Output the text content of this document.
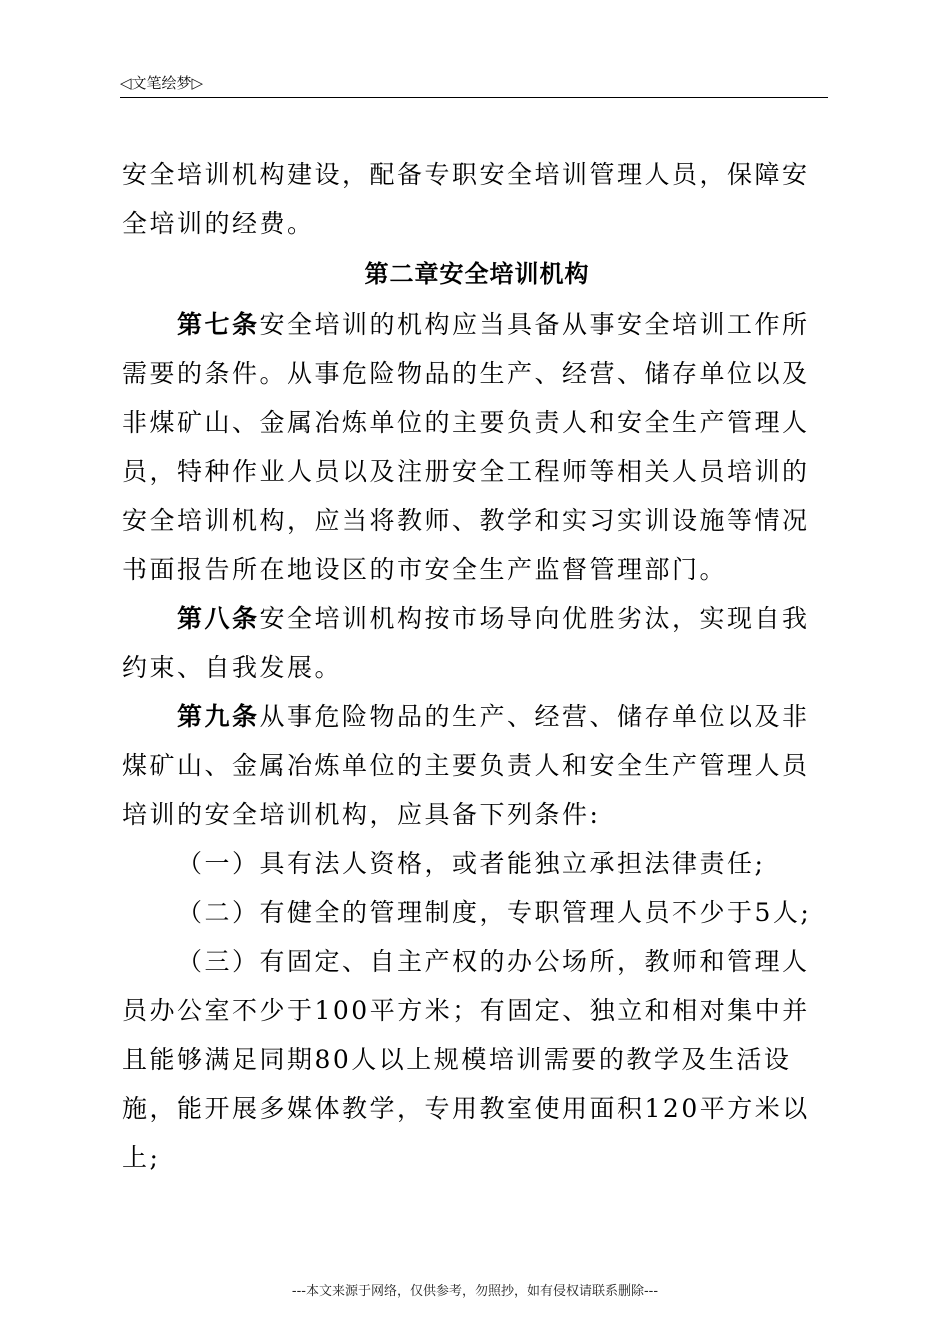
◁文笔绘梦▷

安全培训机构建设，配备专职安全培训管理人员，保障安全培训的经费。

第二章安全培训机构

第七条安全培训的机构应当具备从事安全培训工作所需要的条件。从事危险物品的生产、经营、储存单位以及非煤矿山、金属冶炼单位的主要负责人和安全生产管理人员，特种作业人员以及注册安全工程师等相关人员培训的安全培训机构，应当将教师、教学和实习实训设施等情况书面报告所在地设区的市安全生产监督管理部门。

第八条安全培训机构按市场导向优胜劣汰，实现自我约束、自我发展。

第九条从事危险物品的生产、经营、储存单位以及非煤矿山、金属冶炼单位的主要负责人和安全生产管理人员培训的安全培训机构，应具备下列条件:

（一）具有法人资格，或者能独立承担法律责任;

（二）有健全的管理制度，专职管理人员不少于5人;

（三）有固定、自主产权的办公场所，教师和管理人员办公室不少于100平方米；有固定、独立和相对集中并且能够满足同期80人以上规模培训需要的教学及生活设施，能开展多媒体教学，专用教室使用面积120平方米以上;

---本文来源于网络，仅供参考，勿照抄，如有侵权请联系删除---
